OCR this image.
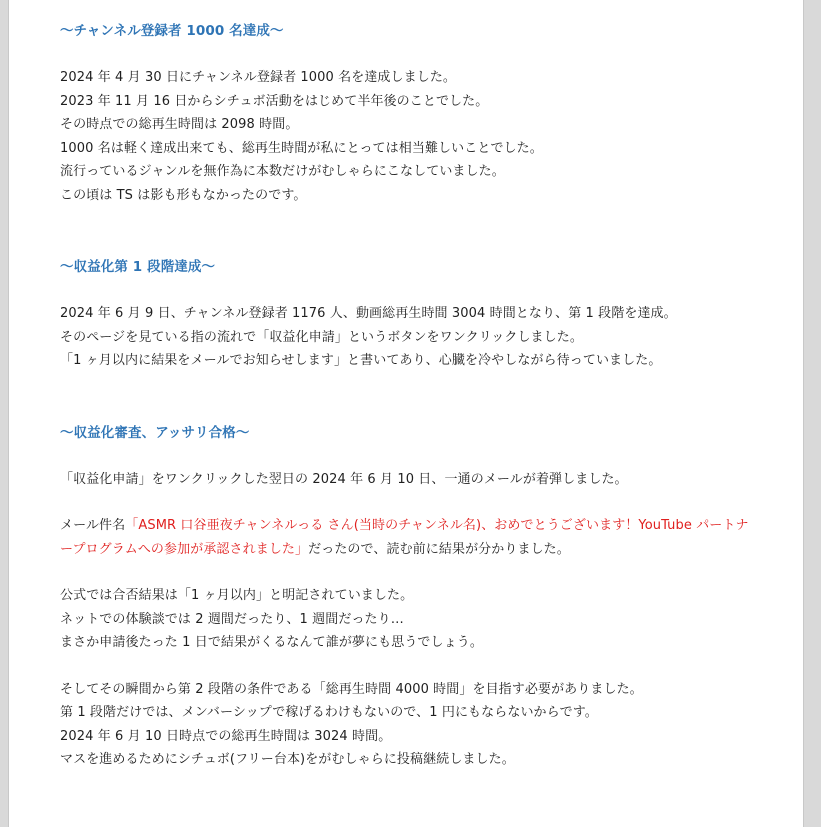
～チャンネル登録者 1000 名達成～

2024 年 4 月 30 日にチャンネル登録者 1000 名を達成しました。

2023 年 11 月 16 日からシチュボ活動をはじめて半年後のことでした。

その時点での総再生時間は 2098 時間。

1000 名は軽く達成出来ても、総再生時間が私にとっては相当難しいことでした。

流行っているジャンルを無作為に本数だけがむしゃらにこなしていました。

この頃は TS は影も形もなかったのです。

～収益化第 1 段階達成～

2024 年 6 月 9 日、チャンネル登録者 1176 人、動画総再生時間 3004 時間となり、第 1 段階を達成。

そのページを見ている指の流れで「収益化申請」というボタンをワンクリックしました。

「1 ヶ月以内に結果をメールでお知らせします」と書いてあり、心臓を冷やしながら待っていました。

～収益化審査、アッサリ合格～

「収益化申請」をワンクリックした翌日の 2024 年 6 月 10 日、一通のメールが着弾しました。

メール件名「ASMR 口谷亜夜チャンネルっる さん(当時のチャンネル名)、おめでとうございます！YouTube パートナ

ープログラムへの参加が承認されました」だったので、読む前に結果が分かりました。

公式では合否結果は「1 ヶ月以内」と明記されていました。

ネットでの体験談では 2 週間だったり、1 週間だったり…

まさか申請後たった 1 日で結果がくるなんて誰が夢にも思うでしょう。

そしてその瞬間から第 2 段階の条件である「総再生時間 4000 時間」を目指す必要がありました。

第 1 段階だけでは、メンバーシップで稼げるわけもないので、1 円にもならないからです。

2024 年 6 月 10 日時点での総再生時間は 3024 時間。

マスを進めるためにシチュボ(フリー台本)をがむしゃらに投稿継続しました。
